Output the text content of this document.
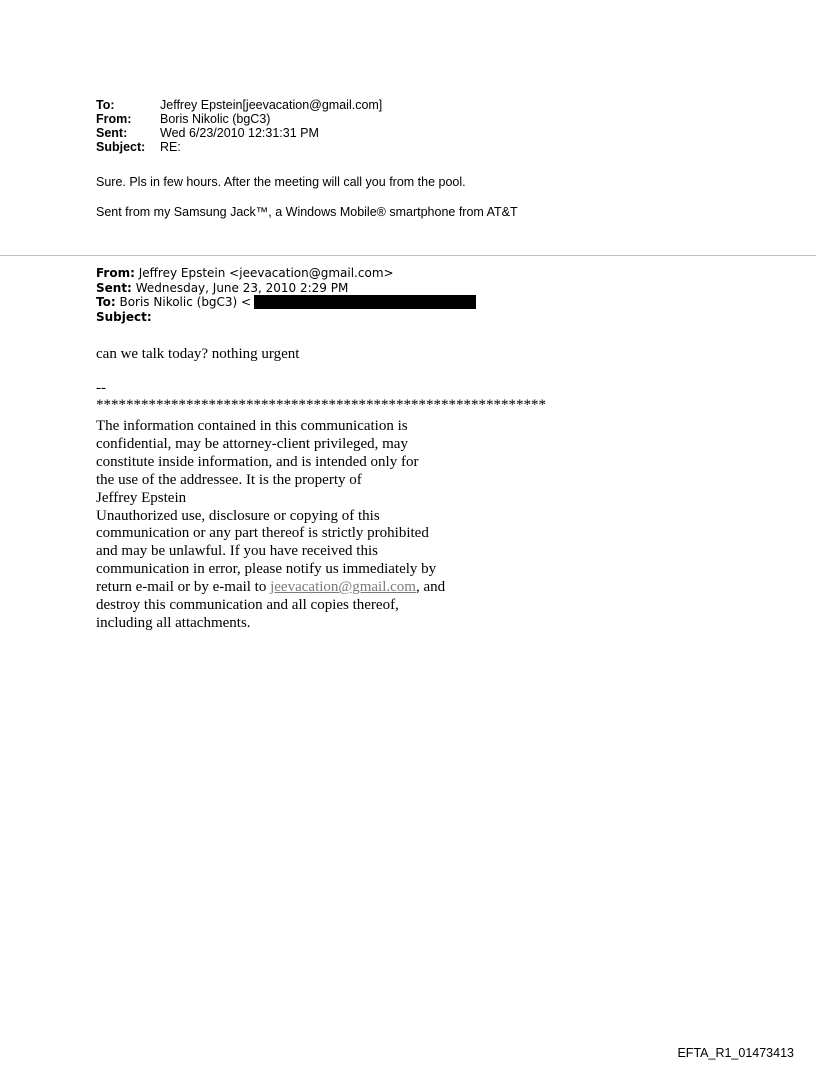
To:	Jeffrey Epstein[jeevacation@gmail.com]
From:	Boris Nikolic (bgC3)
Sent:	Wed 6/23/2010 12:31:31 PM
Subject:	RE:
Sure. Pls in few hours. After the meeting will call you from the pool.
Sent from my Samsung Jack™, a Windows Mobile® smartphone from AT&T
From: Jeffrey Epstein <jeevacation@gmail.com>
Sent: Wednesday, June 23, 2010 2:29 PM
To: Boris Nikolic (bgC3) <
Subject:
can we talk today? nothing urgent
--
************************************************************
The information contained in this communication is
confidential, may be attorney-client privileged, may
constitute inside information, and is intended only for
the use of the addressee. It is the property of
Jeffrey Epstein
Unauthorized use, disclosure or copying of this
communication or any part thereof is strictly prohibited
and may be unlawful. If you have received this
communication in error, please notify us immediately by
return e-mail or by e-mail to jeevacation@gmail.com, and
destroy this communication and all copies thereof,
including all attachments.
EFTA_R1_01473413
